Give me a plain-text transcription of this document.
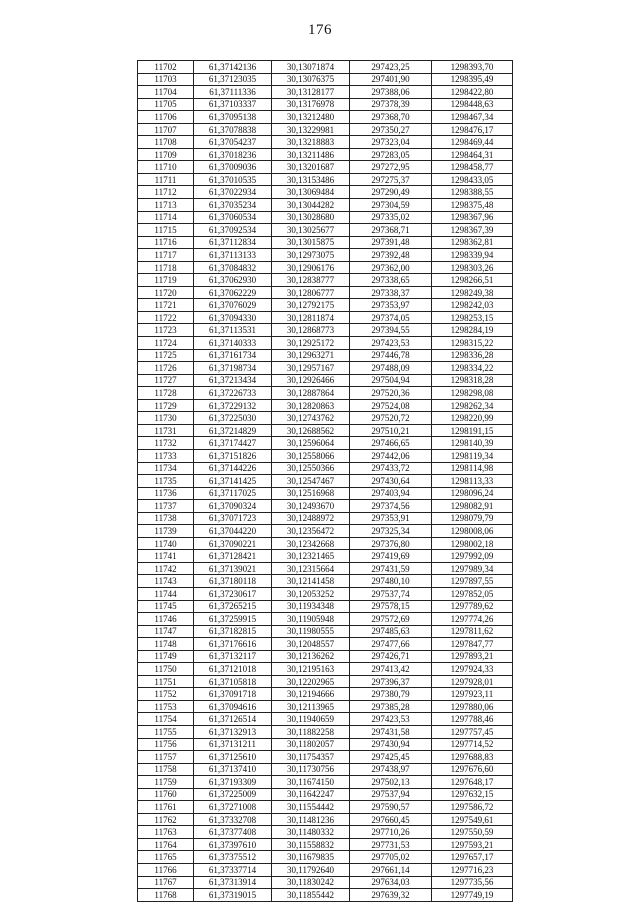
176
11702	61,37142136	30,13071874	297423,25	1298393,70
11703	61,37123035	30,13076375	297401,90	1298395,49
11704	61,37111336	30,13128177	297388,06	1298422,80
11705	61,37103337	30,13176978	297378,39	1298448,63
11706	61,37095138	30,13212480	297368,70	1298467,34
11707	61,37078838	30,13229981	297350,27	1298476,17
11708	61,37054237	30,13218883	297323,04	1298469,44
11709	61,37018236	30,13211486	297283,05	1298464,31
11710	61,37009036	30,13201687	297272,95	1298458,77
11711	61,37010535	30,13153486	297275,37	1298433,05
11712	61,37022934	30,13069484	297290,49	1298388,55
11713	61,37035234	30,13044282	297304,59	1298375,48
11714	61,37060534	30,13028680	297335,02	1298367,96
11715	61,37092534	30,13025677	297368,71	1298367,39
11716	61,37112834	30,13015875	297391,48	1298362,81
11717	61,37113133	30,12973075	297392,48	1298339,94
11718	61,37084832	30,12906176	297362,00	1298303,26
11719	61,37062930	30,12838777	297338,65	1298266,51
11720	61,37062229	30,12806777	297338,37	1298249,38
11721	61,37076029	30,12792175	297353,97	1298242,03
11722	61,37094330	30,12811874	297374,05	1298253,15
11723	61,37113531	30,12868773	297394,55	1298284,19
11724	61,37140333	30,12925172	297423,53	1298315,22
11725	61,37161734	30,12963271	297446,78	1298336,28
11726	61,37198734	30,12957167	297488,09	1298334,22
11727	61,37213434	30,12926466	297504,94	1298318,28
11728	61,37226733	30,12887864	297520,36	1298298,08
11729	61,37229132	30,12820863	297524,08	1298262,34
11730	61,37225030	30,12743762	297520,72	1298220,99
11731	61,37214829	30,12688562	297510,21	1298191,15
11732	61,37174427	30,12596064	297466,65	1298140,39
11733	61,37151826	30,12558066	297442,06	1298119,34
11734	61,37144226	30,12550366	297433,72	1298114,98
11735	61,37141425	30,12547467	297430,64	1298113,33
11736	61,37117025	30,12516968	297403,94	1298096,24
11737	61,37090324	30,12493670	297374,56	1298082,91
11738	61,37071723	30,12488972	297353,91	1298079,79
11739	61,37044220	30,12356472	297325,34	1298008,06
11740	61,37090221	30,12342668	297376,80	1298002,18
11741	61,37128421	30,12321465	297419,69	1297992,09
11742	61,37139021	30,12315664	297431,59	1297989,34
11743	61,37180118	30,12141458	297480,10	1297897,55
11744	61,37230617	30,12053252	297537,74	1297852,05
11745	61,37265215	30,11934348	297578,15	1297789,62
11746	61,37259915	30,11905948	297572,69	1297774,26
11747	61,37182815	30,11980555	297485,63	1297811,62
11748	61,37176616	30,12048557	297477,66	1297847,77
11749	61,37132117	30,12136262	297426,71	1297893,21
11750	61,37121018	30,12195163	297413,42	1297924,33
11751	61,37105818	30,12202965	297396,37	1297928,01
11752	61,37091718	30,12194666	297380,79	1297923,11
11753	61,37094616	30,12113965	297385,28	1297880,06
11754	61,37126514	30,11940659	297423,53	1297788,46
11755	61,37132913	30,11882258	297431,58	1297757,45
11756	61,37131211	30,11802057	297430,94	1297714,52
11757	61,37125610	30,11754357	297425,45	1297688,83
11758	61,37137410	30,11730756	297438,97	1297676,60
11759	61,37193309	30,11674150	297502,13	1297648,17
11760	61,37225009	30,11642247	297537,94	1297632,15
11761	61,37271008	30,11554442	297590,57	1297586,72
11762	61,37332708	30,11481236	297660,45	1297549,61
11763	61,37377408	30,11480332	297710,26	1297550,59
11764	61,37397610	30,11558832	297731,53	1297593,21
11765	61,37375512	30,11679835	297705,02	1297657,17
11766	61,37337714	30,11792640	297661,14	1297716,23
11767	61,37313914	30,11830242	297634,03	1297735,56
11768	61,37319015	30,11855442	297639,32	1297749,19
